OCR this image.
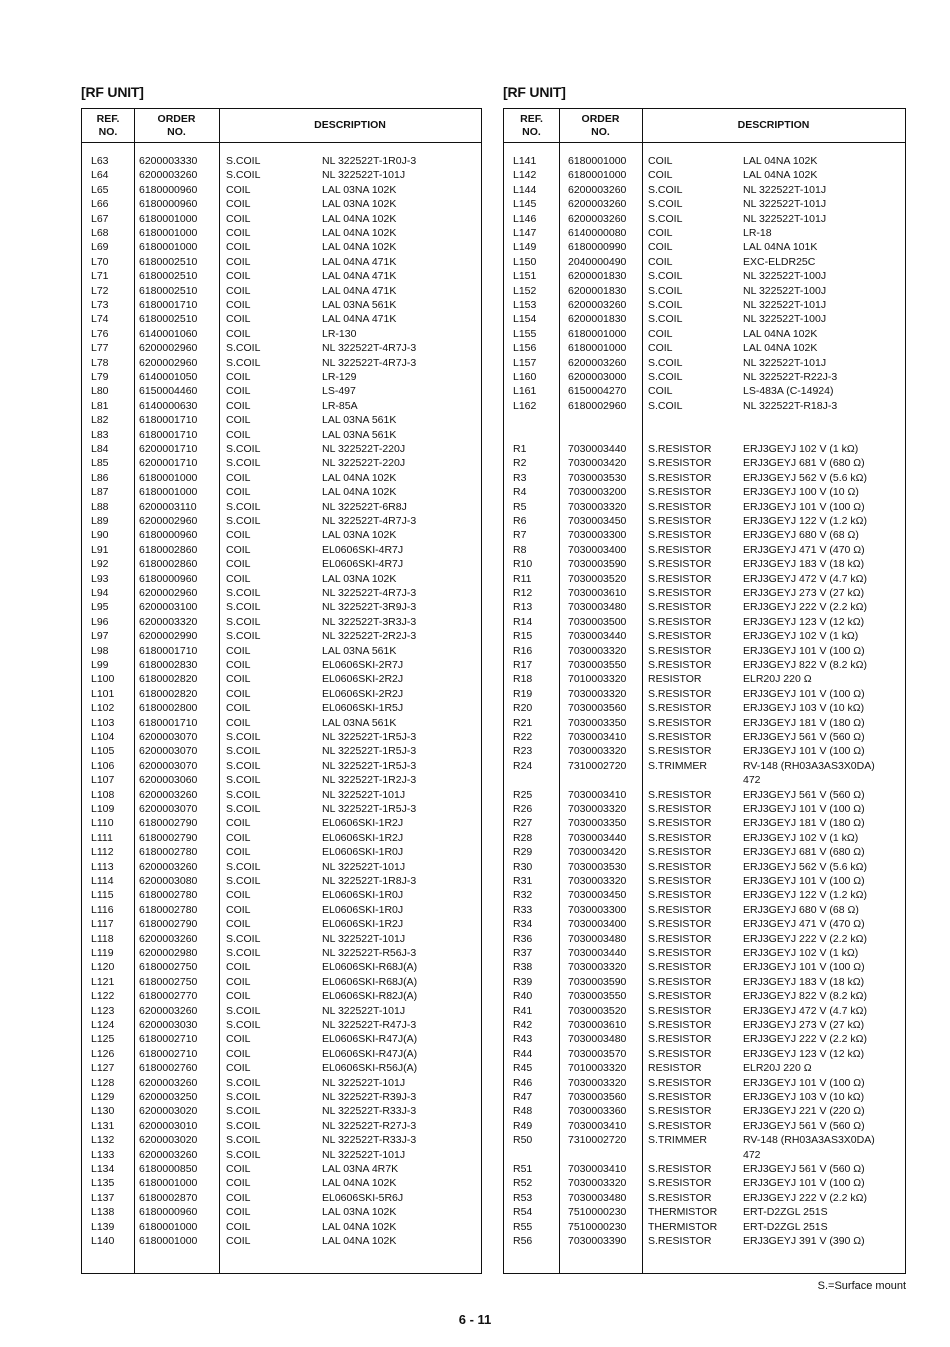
[RF UNIT]
REF.
NO.
ORDER
NO.
DESCRIPTION
L63	6200003330	S.COIL	NL 322522T-1R0J-3
L64	6200003260	S.COIL	NL 322522T-101J
L65	6180000960	COIL	LAL 03NA 102K
L66	6180000960	COIL	LAL 03NA 102K
L67	6180001000	COIL	LAL 04NA 102K
L68	6180001000	COIL	LAL 04NA 102K
L69	6180001000	COIL	LAL 04NA 102K
L70	6180002510	COIL	LAL 04NA 471K
L71	6180002510	COIL	LAL 04NA 471K
L72	6180002510	COIL	LAL 04NA 471K
L73	6180001710	COIL	LAL 03NA 561K
L74	6180002510	COIL	LAL 04NA 471K
L76	6140001060	COIL	LR-130
L77	6200002960	S.COIL	NL 322522T-4R7J-3
L78	6200002960	S.COIL	NL 322522T-4R7J-3
L79	6140001050	COIL	LR-129
L80	6150004460	COIL	LS-497
L81	6140000630	COIL	LR-85A
L82	6180001710	COIL	LAL 03NA 561K
L83	6180001710	COIL	LAL 03NA 561K
L84	6200001710	S.COIL	NL 322522T-220J
L85	6200001710	S.COIL	NL 322522T-220J
L86	6180001000	COIL	LAL 04NA 102K
L87	6180001000	COIL	LAL 04NA 102K
L88	6200003110	S.COIL	NL 322522T-6R8J
L89	6200002960	S.COIL	NL 322522T-4R7J-3
L90	6180000960	COIL	LAL 03NA 102K
L91	6180002860	COIL	EL0606SKI-4R7J
L92	6180002860	COIL	EL0606SKI-4R7J
L93	6180000960	COIL	LAL 03NA 102K
L94	6200002960	S.COIL	NL 322522T-4R7J-3
L95	6200003100	S.COIL	NL 322522T-3R9J-3
L96	6200003320	S.COIL	NL 322522T-3R3J-3
L97	6200002990	S.COIL	NL 322522T-2R2J-3
L98	6180001710	COIL	LAL 03NA 561K
L99	6180002830	COIL	EL0606SKI-2R7J
L100 6180002820	COIL	EL0606SKI-2R2J
L101 6180002820	COIL	EL0606SKI-2R2J
L102 6180002800	COIL	EL0606SKI-1R5J
L103 6180001710	COIL	LAL 03NA 561K
L104 6200003070	S.COIL	NL 322522T-1R5J-3
L105 6200003070	S.COIL	NL 322522T-1R5J-3
L106 6200003070	S.COIL	NL 322522T-1R5J-3
L107 6200003060	S.COIL	NL 322522T-1R2J-3
L108 6200003260	S.COIL	NL 322522T-101J
L109 6200003070	S.COIL	NL 322522T-1R5J-3
L110 6180002790	COIL	EL0606SKI-1R2J
L111 6180002790	COIL	EL0606SKI-1R2J
L112 6180002780	COIL	EL0606SKI-1R0J
L113 6200003260	S.COIL	NL 322522T-101J
L114 6200003080	S.COIL	NL 322522T-1R8J-3
L115 6180002780	COIL	EL0606SKI-1R0J
L116 6180002780	COIL	EL0606SKI-1R0J
L117 6180002790	COIL	EL0606SKI-1R2J
L118 6200003260	S.COIL	NL 322522T-101J
L119 6200002980	S.COIL	NL 322522T-R56J-3
L120 6180002750	COIL	EL0606SKI-R68J(A)
L121 6180002750	COIL	EL0606SKI-R68J(A)
L122 6180002770	COIL	EL0606SKI-R82J(A)
L123 6200003260	S.COIL	NL 322522T-101J
L124 6200003030	S.COIL	NL 322522T-R47J-3
L125 6180002710	COIL	EL0606SKI-R47J(A)
L126 6180002710	COIL	EL0606SKI-R47J(A)
L127 6180002760	COIL	EL0606SKI-R56J(A)
L128 6200003260	S.COIL	NL 322522T-101J
L129 6200003250	S.COIL	NL 322522T-R39J-3
L130 6200003020	S.COIL	NL 322522T-R33J-3
L131 6200003010	S.COIL	NL 322522T-R27J-3
L132 6200003020	S.COIL	NL 322522T-R33J-3
L133 6200003260	S.COIL	NL 322522T-101J
L134 6180000850	COIL	LAL 03NA 4R7K
L135 6180001000	COIL	LAL 04NA 102K
L137 6180002870	COIL	EL0606SKI-5R6J
L138 6180000960	COIL	LAL 03NA 102K
L139 6180001000	COIL	LAL 04NA 102K
L140 6180001000	COIL	LAL 04NA 102K
[RF UNIT]
REF.
NO.
ORDER
NO.
DESCRIPTION
L141	6180001000 COIL	LAL 04NA 102K
L142	6180001000 COIL	LAL 04NA 102K
L144	6200003260 S.COIL	NL 322522T-101J
L145	6200003260 S.COIL	NL 322522T-101J
L146	6200003260 S.COIL	NL 322522T-101J
L147	6140000080 COIL	LR-18
L149	6180000990 COIL	LAL 04NA 101K
L150	2040000490 COIL	EXC-ELDR25C
L151	6200001830 S.COIL	NL 322522T-100J
L152	6200001830 S.COIL	NL 322522T-100J
L153	6200003260 S.COIL	NL 322522T-101J
L154	6200001830 S.COIL	NL 322522T-100J
L155	6180001000 COIL	LAL 04NA 102K
L156	6180001000 COIL	LAL 04NA 102K
L157	6200003260 S.COIL	NL 322522T-101J
L160	6200003000 S.COIL	NL 322522T-R22J-3
L161	6150004270 COIL	LS-483A (C-14924)
L162	6180002960 S.COIL	NL 322522T-R18J-3
R1	7030003440 S.RESISTOR	ERJ3GEYJ 102 V (1 kΩ)
R2	7030003420 S.RESISTOR	ERJ3GEYJ 681 V (680 Ω)
R3	7030003530 S.RESISTOR	ERJ3GEYJ 562 V (5.6 kΩ)
R4	7030003200 S.RESISTOR	ERJ3GEYJ 100 V (10 Ω)
R5	7030003320 S.RESISTOR	ERJ3GEYJ 101 V (100 Ω)
R6	7030003450 S.RESISTOR	ERJ3GEYJ 122 V (1.2 kΩ)
R7	7030003300 S.RESISTOR	ERJ3GEYJ 680 V (68 Ω)
R8	7030003400 S.RESISTOR	ERJ3GEYJ 471 V (470 Ω)
R10	7030003590 S.RESISTOR	ERJ3GEYJ 183 V (18 kΩ)
R11	7030003520 S.RESISTOR	ERJ3GEYJ 472 V (4.7 kΩ)
R12	7030003610 S.RESISTOR	ERJ3GEYJ 273 V (27 kΩ)
R13	7030003480 S.RESISTOR	ERJ3GEYJ 222 V (2.2 kΩ)
R14	7030003500 S.RESISTOR	ERJ3GEYJ 123 V (12 kΩ)
R15	7030003440 S.RESISTOR	ERJ3GEYJ 102 V (1 kΩ)
R16	7030003320 S.RESISTOR	ERJ3GEYJ 101 V (100 Ω)
R17	7030003550 S.RESISTOR	ERJ3GEYJ 822 V (8.2 kΩ)
R18	7010003320 RESISTOR	ELR20J 220 Ω
R19	7030003320 S.RESISTOR	ERJ3GEYJ 101 V (100 Ω)
R20	7030003560 S.RESISTOR	ERJ3GEYJ 103 V (10 kΩ)
R21	7030003350 S.RESISTOR	ERJ3GEYJ 181 V (180 Ω)
R22	7030003410 S.RESISTOR	ERJ3GEYJ 561 V (560 Ω)
R23	7030003320 S.RESISTOR	ERJ3GEYJ 101 V (100 Ω)
R24	7310002720 S.TRIMMER	RV-148 (RH03A3AS3X0DA)
472
R25	7030003410 S.RESISTOR	ERJ3GEYJ 561 V (560 Ω)
R26	7030003320 S.RESISTOR	ERJ3GEYJ 101 V (100 Ω)
R27	7030003350 S.RESISTOR	ERJ3GEYJ 181 V (180 Ω)
R28	7030003440 S.RESISTOR	ERJ3GEYJ 102 V (1 kΩ)
R29	7030003420 S.RESISTOR	ERJ3GEYJ 681 V (680 Ω)
R30	7030003530 S.RESISTOR	ERJ3GEYJ 562 V (5.6 kΩ)
R31	7030003320 S.RESISTOR	ERJ3GEYJ 101 V (100 Ω)
R32	7030003450 S.RESISTOR	ERJ3GEYJ 122 V (1.2 kΩ)
R33	7030003300 S.RESISTOR	ERJ3GEYJ 680 V (68 Ω)
R34	7030003400 S.RESISTOR	ERJ3GEYJ 471 V (470 Ω)
R36	7030003480 S.RESISTOR	ERJ3GEYJ 222 V (2.2 kΩ)
R37	7030003440 S.RESISTOR	ERJ3GEYJ 102 V (1 kΩ)
R38	7030003320 S.RESISTOR	ERJ3GEYJ 101 V (100 Ω)
R39	7030003590 S.RESISTOR	ERJ3GEYJ 183 V (18 kΩ)
R40	7030003550 S.RESISTOR	ERJ3GEYJ 822 V (8.2 kΩ)
R41	7030003520 S.RESISTOR	ERJ3GEYJ 472 V (4.7 kΩ)
R42	7030003610 S.RESISTOR	ERJ3GEYJ 273 V (27 kΩ)
R43	7030003480 S.RESISTOR	ERJ3GEYJ 222 V (2.2 kΩ)
R44	7030003570 S.RESISTOR	ERJ3GEYJ 123 V (12 kΩ)
R45	7010003320 RESISTOR	ELR20J 220 Ω
R46	7030003320 S.RESISTOR	ERJ3GEYJ 101 V (100 Ω)
R47	7030003560 S.RESISTOR	ERJ3GEYJ 103 V (10 kΩ)
R48	7030003360 S.RESISTOR	ERJ3GEYJ 221 V (220 Ω)
R49	7030003410 S.RESISTOR	ERJ3GEYJ 561 V (560 Ω)
R50	7310002720 S.TRIMMER	RV-148 (RH03A3AS3X0DA)
472
R51	7030003410 S.RESISTOR	ERJ3GEYJ 561 V (560 Ω)
R52	7030003320 S.RESISTOR	ERJ3GEYJ 101 V (100 Ω)
R53	7030003480 S.RESISTOR	ERJ3GEYJ 222 V (2.2 kΩ)
R54	7510000230 THERMISTOR ERT-D2ZGL 251S
R55	7510000230 THERMISTOR ERT-D2ZGL 251S
R56	7030003390 S.RESISTOR	ERJ3GEYJ 391 V (390 Ω)
S.=Surface mount
6 - 11
